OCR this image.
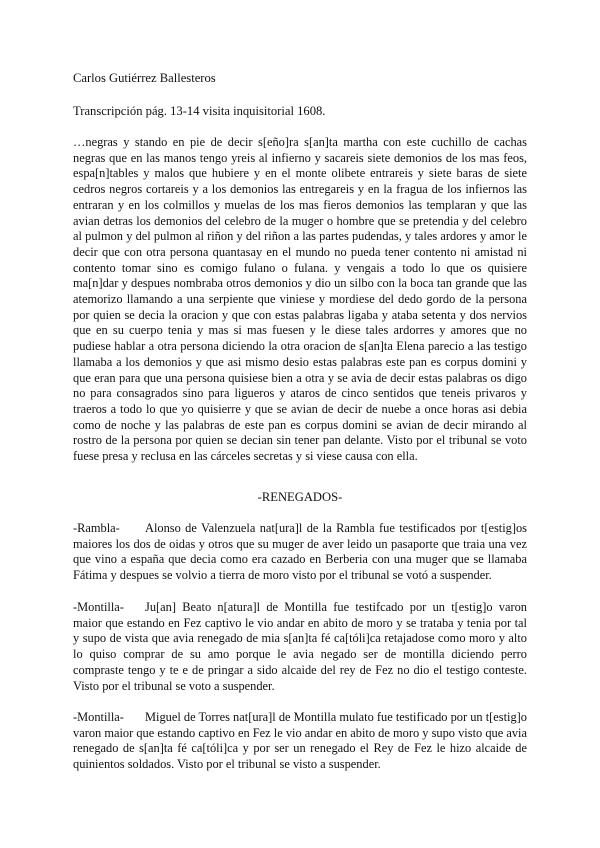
Carlos Gutiérrez Ballesteros

Transcripción pág. 13-14 visita inquisitorial 1608.

…negras y stando en pie de decir s[eño]ra s[an]ta martha con este cuchillo de cachas negras que en las manos tengo yreis al infierno y sacareis siete demonios de los mas feos, espa[n]tables y malos que hubiere y en el monte olibete entrareis y siete baras de siete cedros negros cortareis y a los demonios las entregareis y en la fragua de los infiernos las entraran y en los colmillos y muelas de los mas fieros demonios las templaran y que las avian detras los demonios del celebro de la muger o hombre que se pretendia y del celebro al pulmon y del pulmon al riñon y del riñon a las partes pudendas, y tales ardores y amor le decir que con otra persona quantasay en el mundo no pueda tener contento ni amistad ni contento tomar sino es comigo fulano o fulana. y vengais a todo lo que os quisiere ma[n]dar y despues nombraba otros demonios y dio un silbo con la boca tan grande que las atemorizo llamando a una serpiente que viniese y mordiese del dedo gordo de la persona por quien se decia la oracion y que con estas palabras ligaba y ataba setenta y dos nervios que en su cuerpo tenia y mas si mas fuesen y le diese tales ardorres y amores que no pudiese hablar a otra persona diciendo la otra oracion de s[an]ta Elena parecio a las testigo llamaba a los demonios y que asi mismo desio estas palabras este pan es corpus domini y que eran para que una persona quisiese bien a otra y se avia de decir estas palabras os digo no para consagrados sino para ligueros y ataros de cinco sentidos que teneis privaros y traeros a todo lo que yo quisierre y que se avian de decir de nuebe a once horas asi debia como de noche y las palabras de este pan es corpus domini se avian de decir mirando al rostro de la persona por quien se decian sin tener pan delante. Visto por el tribunal se voto fuese presa y reclusa en las cárceles secretas y si viese causa con ella.

-RENEGADOS-

-Rambla- Alonso de Valenzuela nat[ura]l de la Rambla fue testificados por t[estig]os maiores los dos de oidas y otros que su muger de aver leido un pasaporte que traia una vez que vino a españa que decia como era cazado en Berberia con una muger que se llamaba Fátima y despues se volvio a tierra de moro visto por el tribunal se votó a suspender.

-Montilla- Ju[an] Beato n[atura]l de Montilla fue testifcado por un t[estig]o varon maior que estando en Fez captivo le vio andar en abito de moro y se trataba y tenia por tal y supo de vista que avia renegado de mia s[an]ta fé ca[tóli]ca retajadose como moro y alto lo quiso comprar de su amo porque le avia negado ser de montilla diciendo perro compraste tengo y te e de pringar a sido alcaide del rey de Fez no dio el testigo conteste. Visto por el tribunal se voto a suspender.

-Montilla- Miguel de Torres nat[ura]l de Montilla mulato fue testificado por un t[estig]o varon maior que estando captivo en Fez le vio andar en abito de moro y supo visto que avia renegado de s[an]ta fé ca[tóli]ca y por ser un renegado el Rey de Fez le hizo alcaide de quinientos soldados. Visto por el tribunal se visto a suspender.
